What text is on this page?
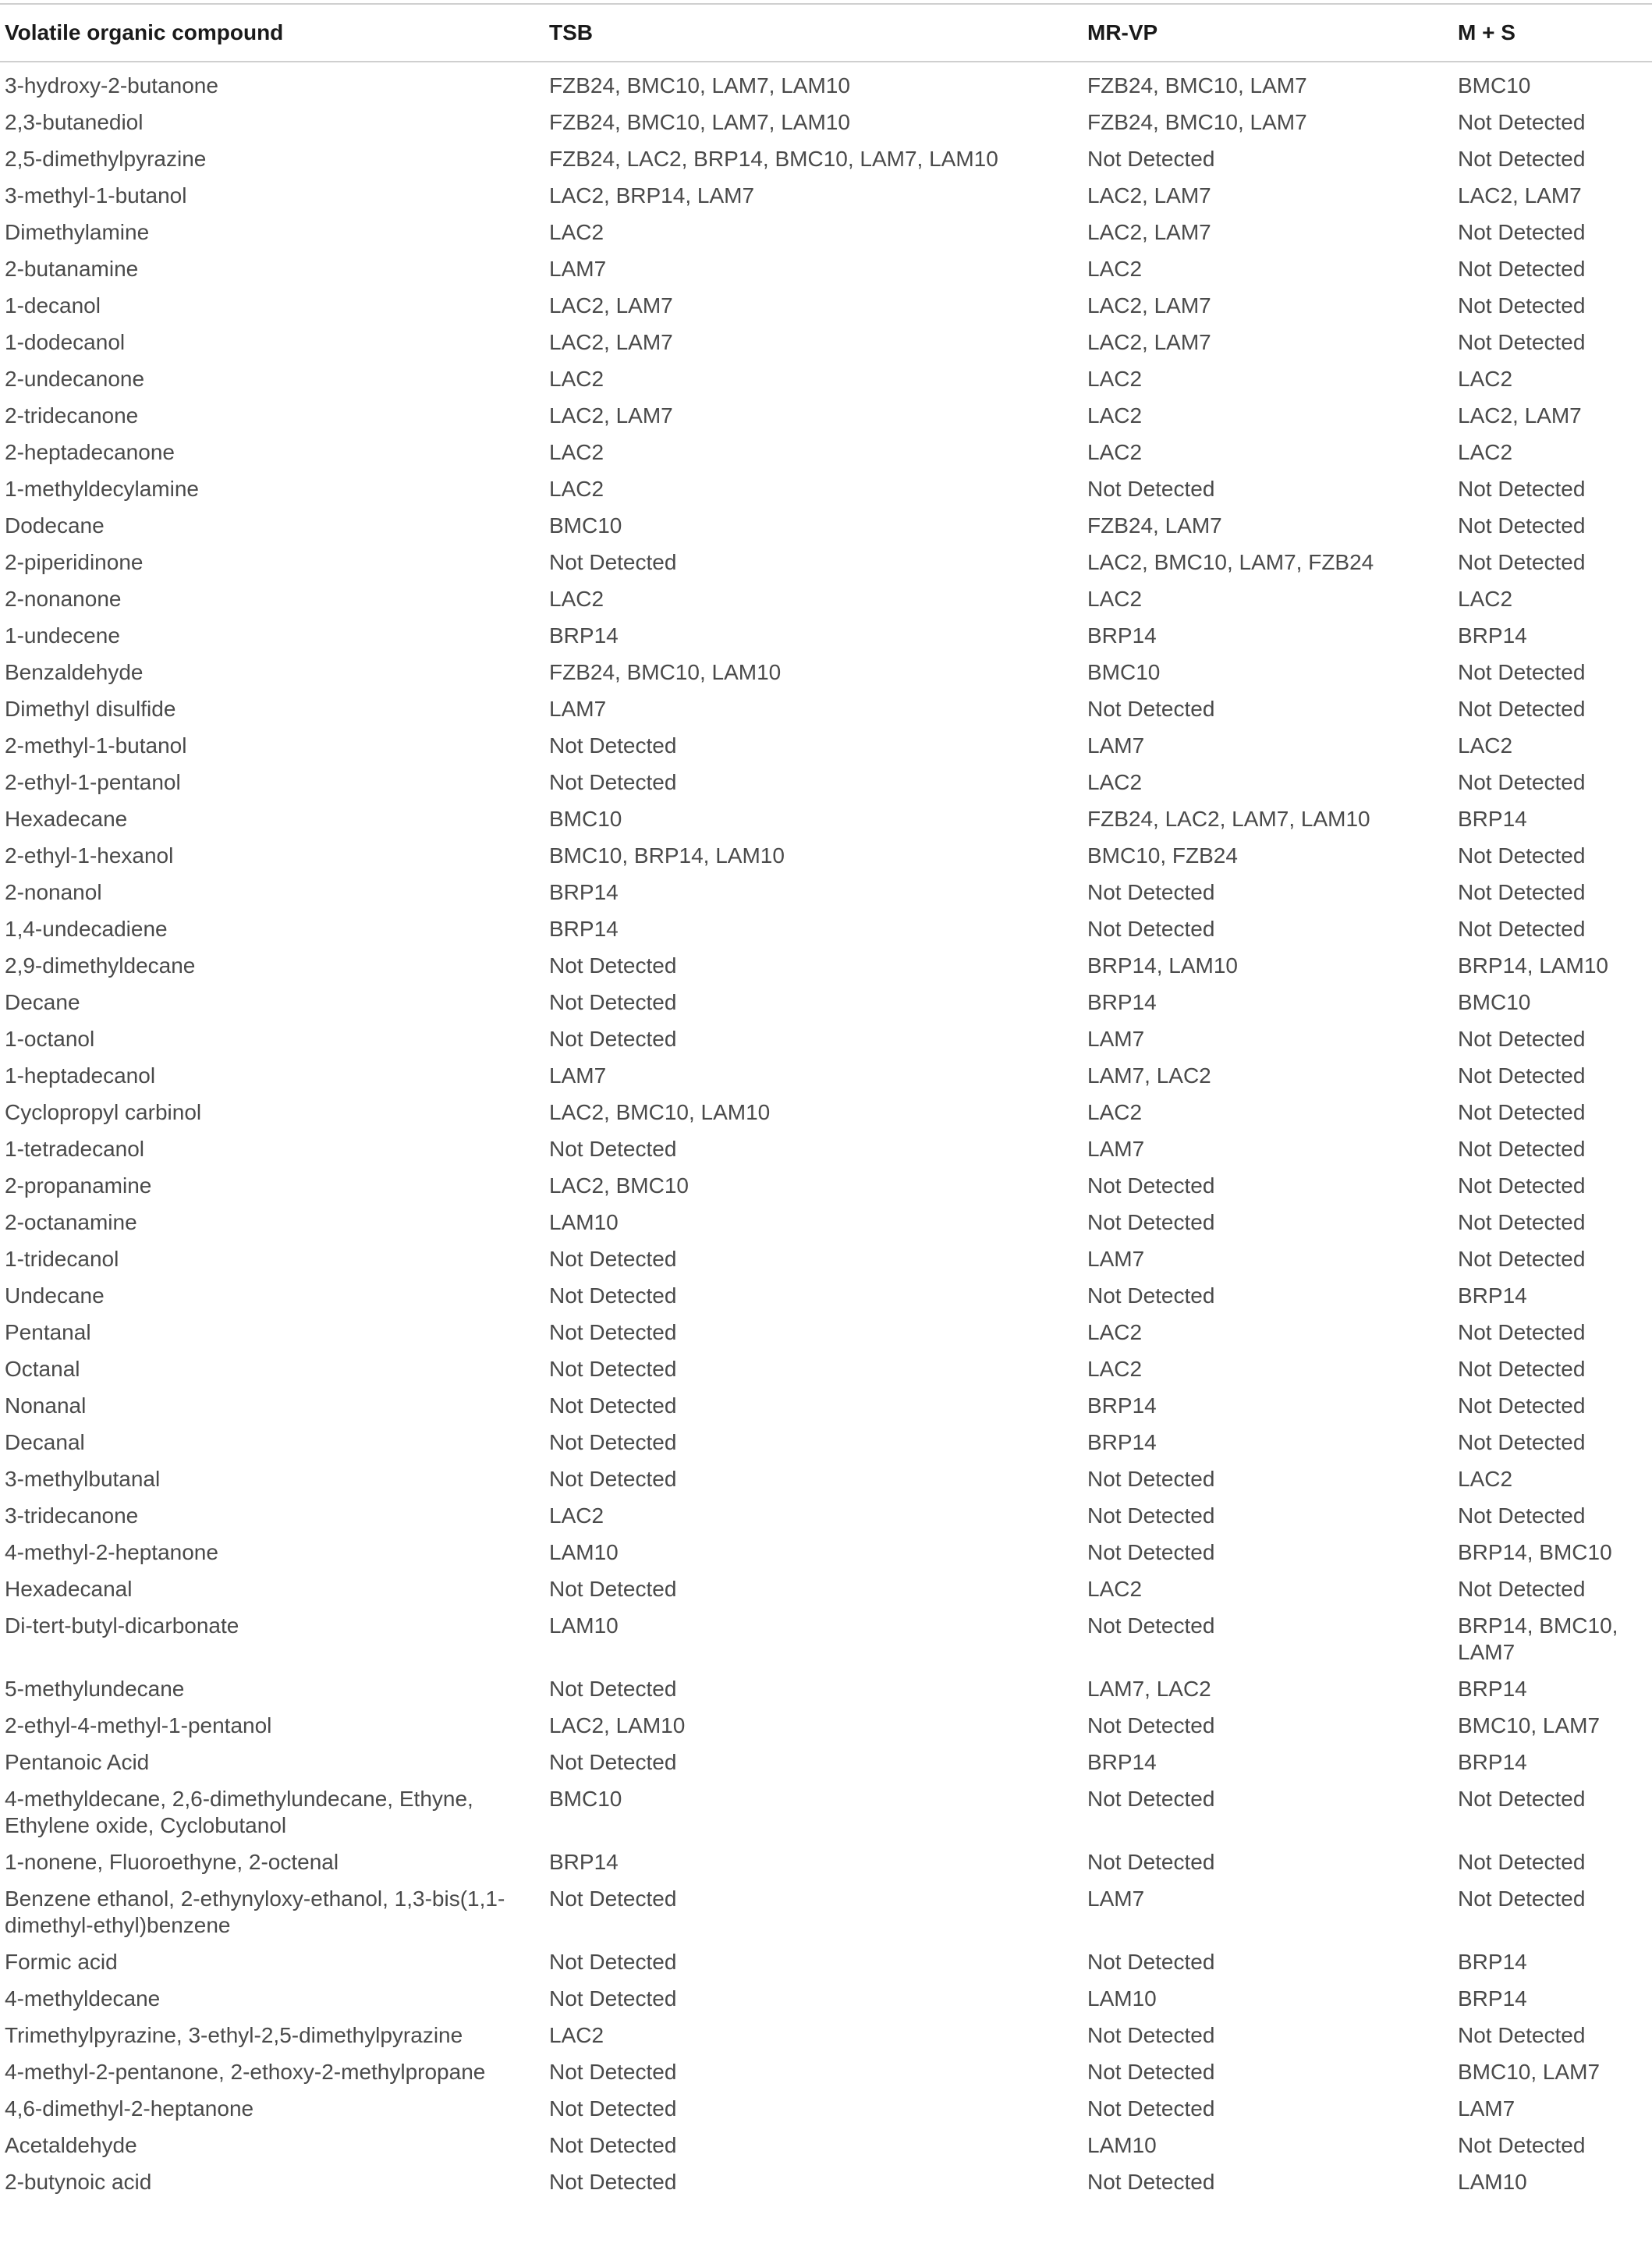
Volatile organic compound	TSB	MR-VP	M + S
3-hydroxy-2-butanone	FZB24, BMC10, LAM7, LAM10	FZB24, BMC10, LAM7	BMC10
2,3-butanediol	FZB24, BMC10, LAM7, LAM10	FZB24, BMC10, LAM7	Not Detected
2,5-dimethylpyrazine	FZB24, LAC2, BRP14, BMC10, LAM7, LAM10	Not Detected	Not Detected
3-methyl-1-butanol	LAC2, BRP14, LAM7	LAC2, LAM7	LAC2, LAM7
Dimethylamine	LAC2	LAC2, LAM7	Not Detected
2-butanamine	LAM7	LAC2	Not Detected
1-decanol	LAC2, LAM7	LAC2, LAM7	Not Detected
1-dodecanol	LAC2, LAM7	LAC2, LAM7	Not Detected
2-undecanone	LAC2	LAC2	LAC2
2-tridecanone	LAC2, LAM7	LAC2	LAC2, LAM7
2-heptadecanone	LAC2	LAC2	LAC2
1-methyldecylamine	LAC2	Not Detected	Not Detected
Dodecane	BMC10	FZB24, LAM7	Not Detected
2-piperidinone	Not Detected	LAC2, BMC10, LAM7, FZB24	Not Detected
2-nonanone	LAC2	LAC2	LAC2
1-undecene	BRP14	BRP14	BRP14
Benzaldehyde	FZB24, BMC10, LAM10	BMC10	Not Detected
Dimethyl disulfide	LAM7	Not Detected	Not Detected
2-methyl-1-butanol	Not Detected	LAM7	LAC2
2-ethyl-1-pentanol	Not Detected	LAC2	Not Detected
Hexadecane	BMC10	FZB24, LAC2, LAM7, LAM10	BRP14
2-ethyl-1-hexanol	BMC10, BRP14, LAM10	BMC10, FZB24	Not Detected
2-nonanol	BRP14	Not Detected	Not Detected
1,4-undecadiene	BRP14	Not Detected	Not Detected
2,9-dimethyldecane	Not Detected	BRP14, LAM10	BRP14, LAM10
Decane	Not Detected	BRP14	BMC10
1-octanol	Not Detected	LAM7	Not Detected
1-heptadecanol	LAM7	LAM7, LAC2	Not Detected
Cyclopropyl carbinol	LAC2, BMC10, LAM10	LAC2	Not Detected
1-tetradecanol	Not Detected	LAM7	Not Detected
2-propanamine	LAC2, BMC10	Not Detected	Not Detected
2-octanamine	LAM10	Not Detected	Not Detected
1-tridecanol	Not Detected	LAM7	Not Detected
Undecane	Not Detected	Not Detected	BRP14
Pentanal	Not Detected	LAC2	Not Detected
Octanal	Not Detected	LAC2	Not Detected
Nonanal	Not Detected	BRP14	Not Detected
Decanal	Not Detected	BRP14	Not Detected
3-methylbutanal	Not Detected	Not Detected	LAC2
3-tridecanone	LAC2	Not Detected	Not Detected
4-methyl-2-heptanone	LAM10	Not Detected	BRP14, BMC10
Hexadecanal	Not Detected	LAC2	Not Detected
Di-tert-butyl-dicarbonate	LAM10	Not Detected	BRP14, BMC10, LAM7
5-methylundecane	Not Detected	LAM7, LAC2	BRP14
2-ethyl-4-methyl-1-pentanol	LAC2, LAM10	Not Detected	BMC10, LAM7
Pentanoic Acid	Not Detected	BRP14	BRP14
4-methyldecane, 2,6-dimethylundecane, Ethyne, Ethylene oxide, Cyclobutanol	BMC10	Not Detected	Not Detected
1-nonene, Fluoroethyne, 2-octenal	BRP14	Not Detected	Not Detected
Benzene ethanol, 2-ethynyloxy-ethanol, 1,3-bis(1,1-dimethyl-ethyl)benzene	Not Detected	LAM7	Not Detected
Formic acid	Not Detected	Not Detected	BRP14
4-methyldecane	Not Detected	LAM10	BRP14
Trimethylpyrazine, 3-ethyl-2,5-dimethylpyrazine	LAC2	Not Detected	Not Detected
4-methyl-2-pentanone, 2-ethoxy-2-methylpropane	Not Detected	Not Detected	BMC10, LAM7
4,6-dimethyl-2-heptanone	Not Detected	Not Detected	LAM7
Acetaldehyde	Not Detected	LAM10	Not Detected
2-butynoic acid	Not Detected	Not Detected	LAM10
